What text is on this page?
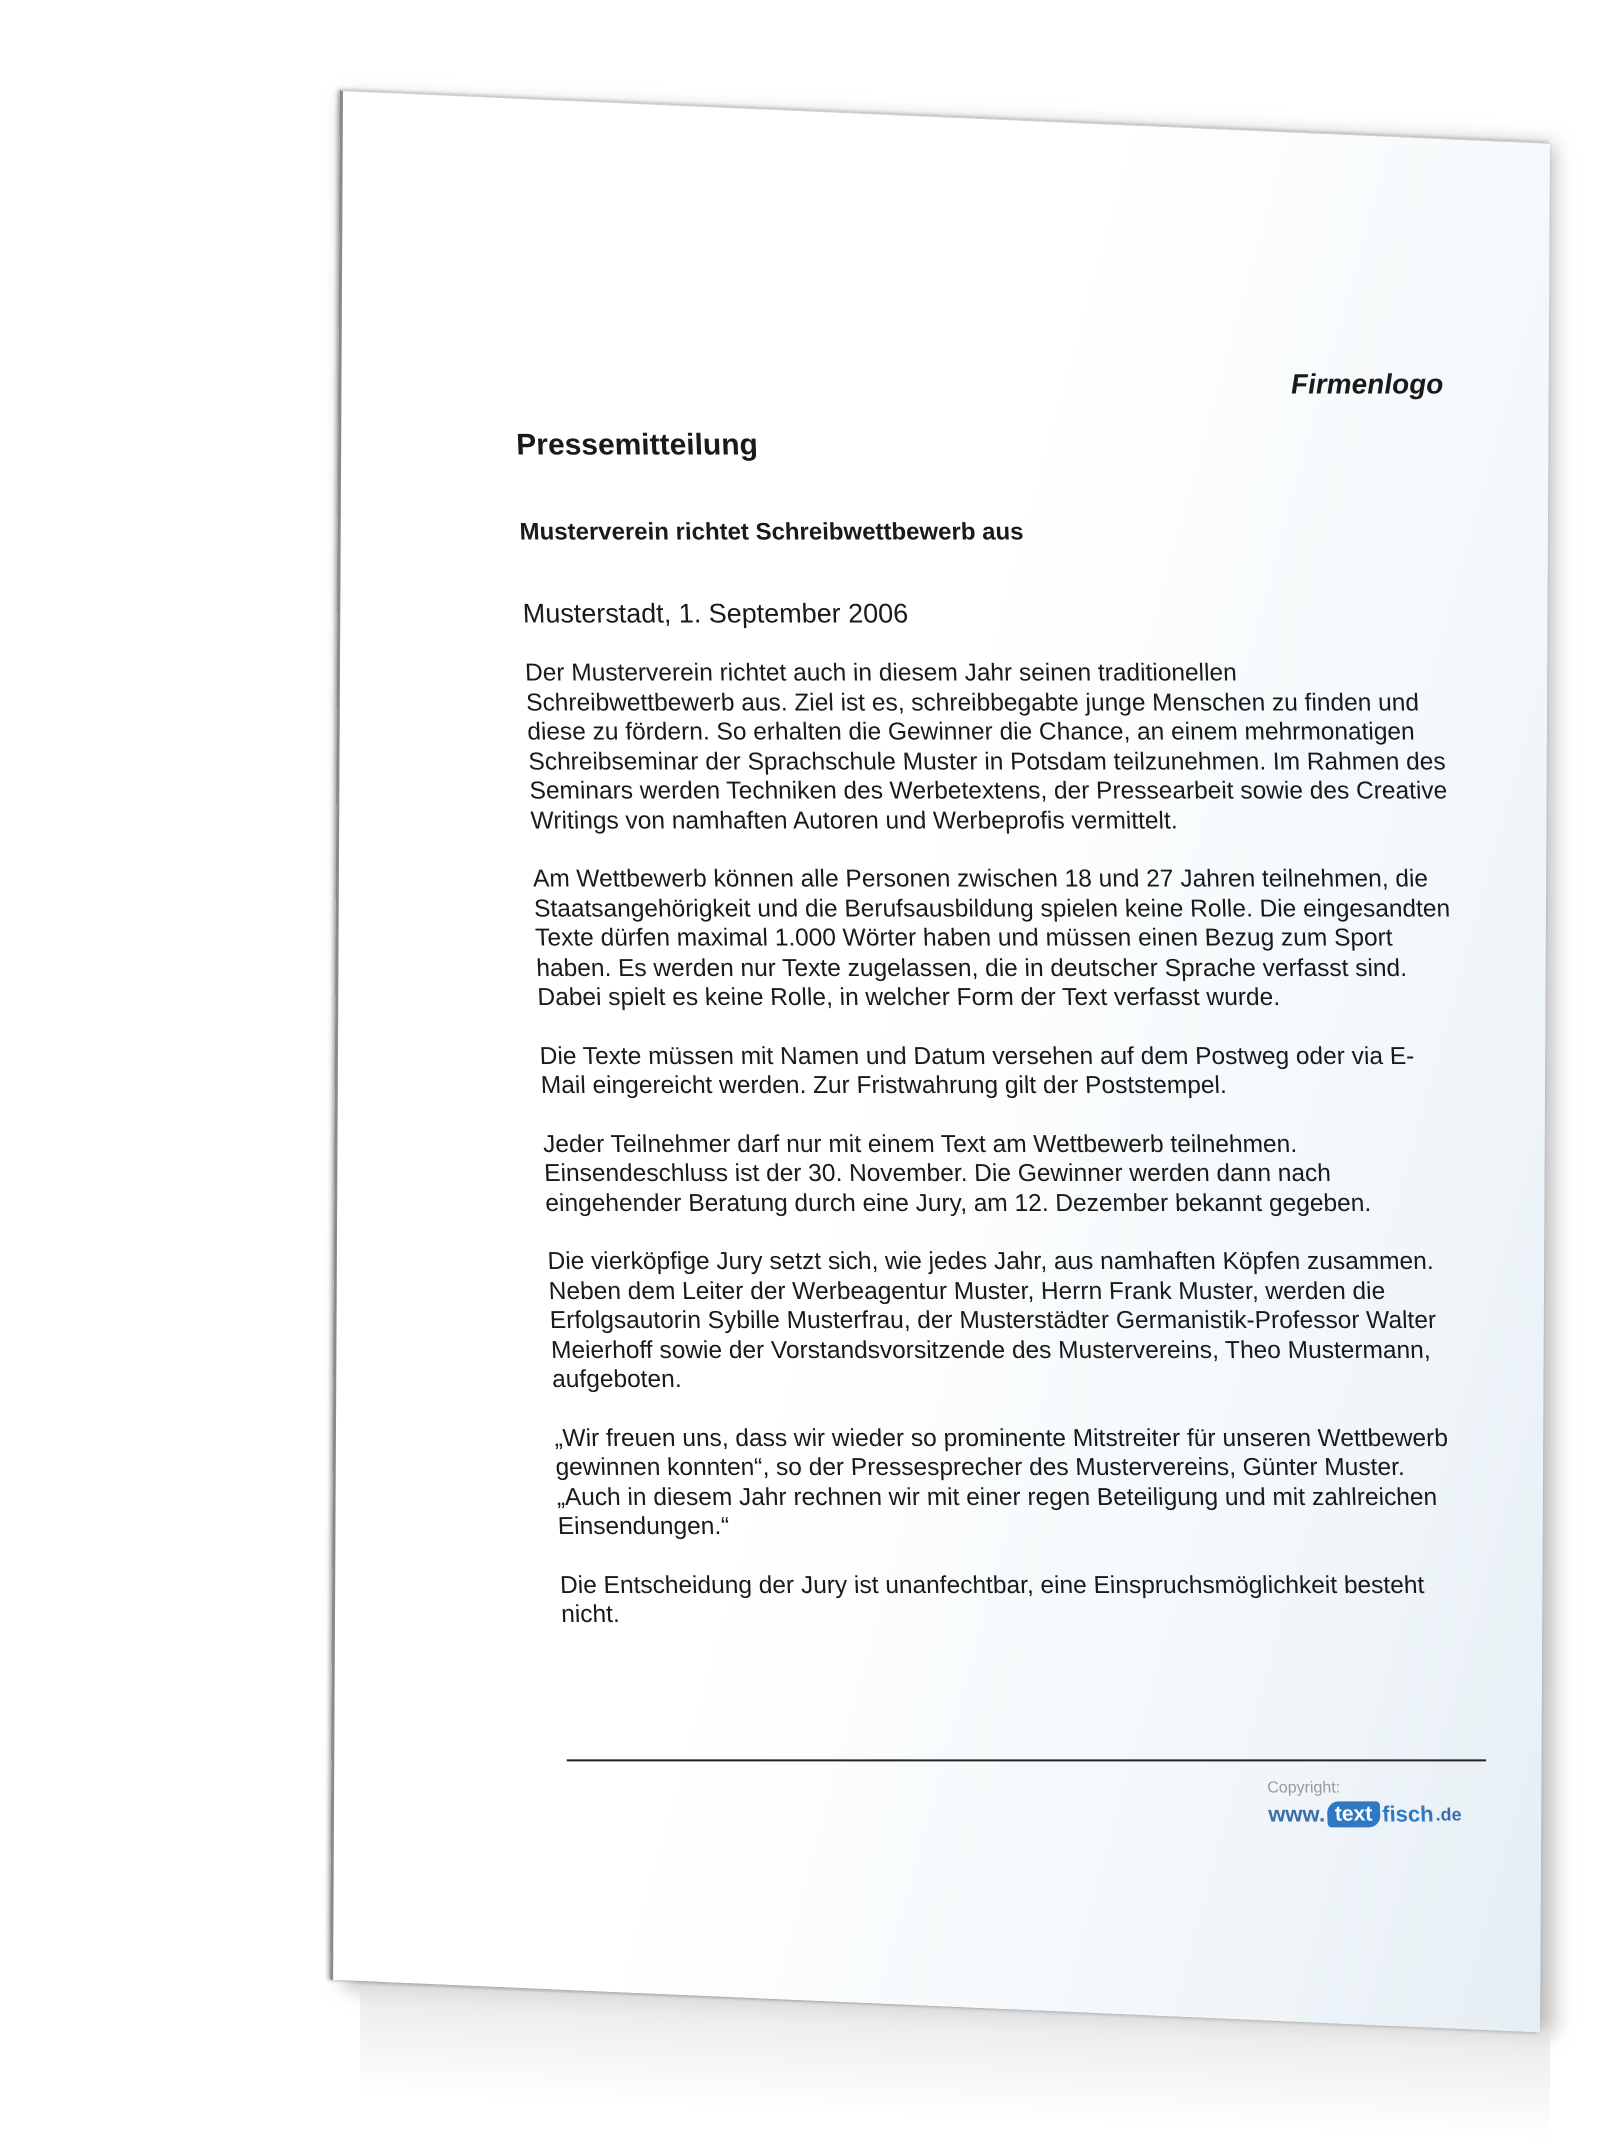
Firmenlogo
Pressemitteilung
Musterverein richtet Schreibwettbewerb aus
Musterstadt, 1. September 2006

Der Musterverein richtet auch in diesem Jahr seinen traditionellen Schreibwettbewerb aus. Ziel ist es, schreibbegabte junge Menschen zu finden und diese zu fördern. So erhalten die Gewinner die Chance, an einem mehrmonatigen Schreibseminar der Sprachschule Muster in Potsdam teilzunehmen. Im Rahmen des Seminars werden Techniken des Werbetextens, der Pressearbeit sowie des Creative Writings von namhaften Autoren und Werbeprofis vermittelt.

Am Wettbewerb können alle Personen zwischen 18 und 27 Jahren teilnehmen, die Staatsangehörigkeit und die Berufsausbildung spielen keine Rolle. Die eingesandten Texte dürfen maximal 1.000 Wörter haben und müssen einen Bezug zum Sport haben. Es werden nur Texte zugelassen, die in deutscher Sprache verfasst sind. Dabei spielt es keine Rolle, in welcher Form der Text verfasst wurde.

Die Texte müssen mit Namen und Datum versehen auf dem Postweg oder via E-Mail eingereicht werden. Zur Fristwahrung gilt der Poststempel.

Jeder Teilnehmer darf nur mit einem Text am Wettbewerb teilnehmen. Einsendeschluss ist der 30. November. Die Gewinner werden dann nach eingehender Beratung durch eine Jury, am 12. Dezember bekannt gegeben.

Die vierköpfige Jury setzt sich, wie jedes Jahr, aus namhaften Köpfen zusammen. Neben dem Leiter der Werbeagentur Muster, Herrn Frank Muster, werden die Erfolgsautorin Sybille Musterfrau, der Musterstädter Germanistik-Professor Walter Meierhoff sowie der Vorstandsvorsitzende des Mustervereins, Theo Mustermann, aufgeboten.

„Wir freuen uns, dass wir wieder so prominente Mitstreiter für unseren Wettbewerb gewinnen konnten“, so der Pressesprecher des Mustervereins, Günter Muster. „Auch in diesem Jahr rechnen wir mit einer regen Beteiligung und mit zahlreichen Einsendungen.“

Die Entscheidung der Jury ist unanfechtbar, eine Einspruchsmöglichkeit besteht nicht.

Copyright:
www. text fisch .de
